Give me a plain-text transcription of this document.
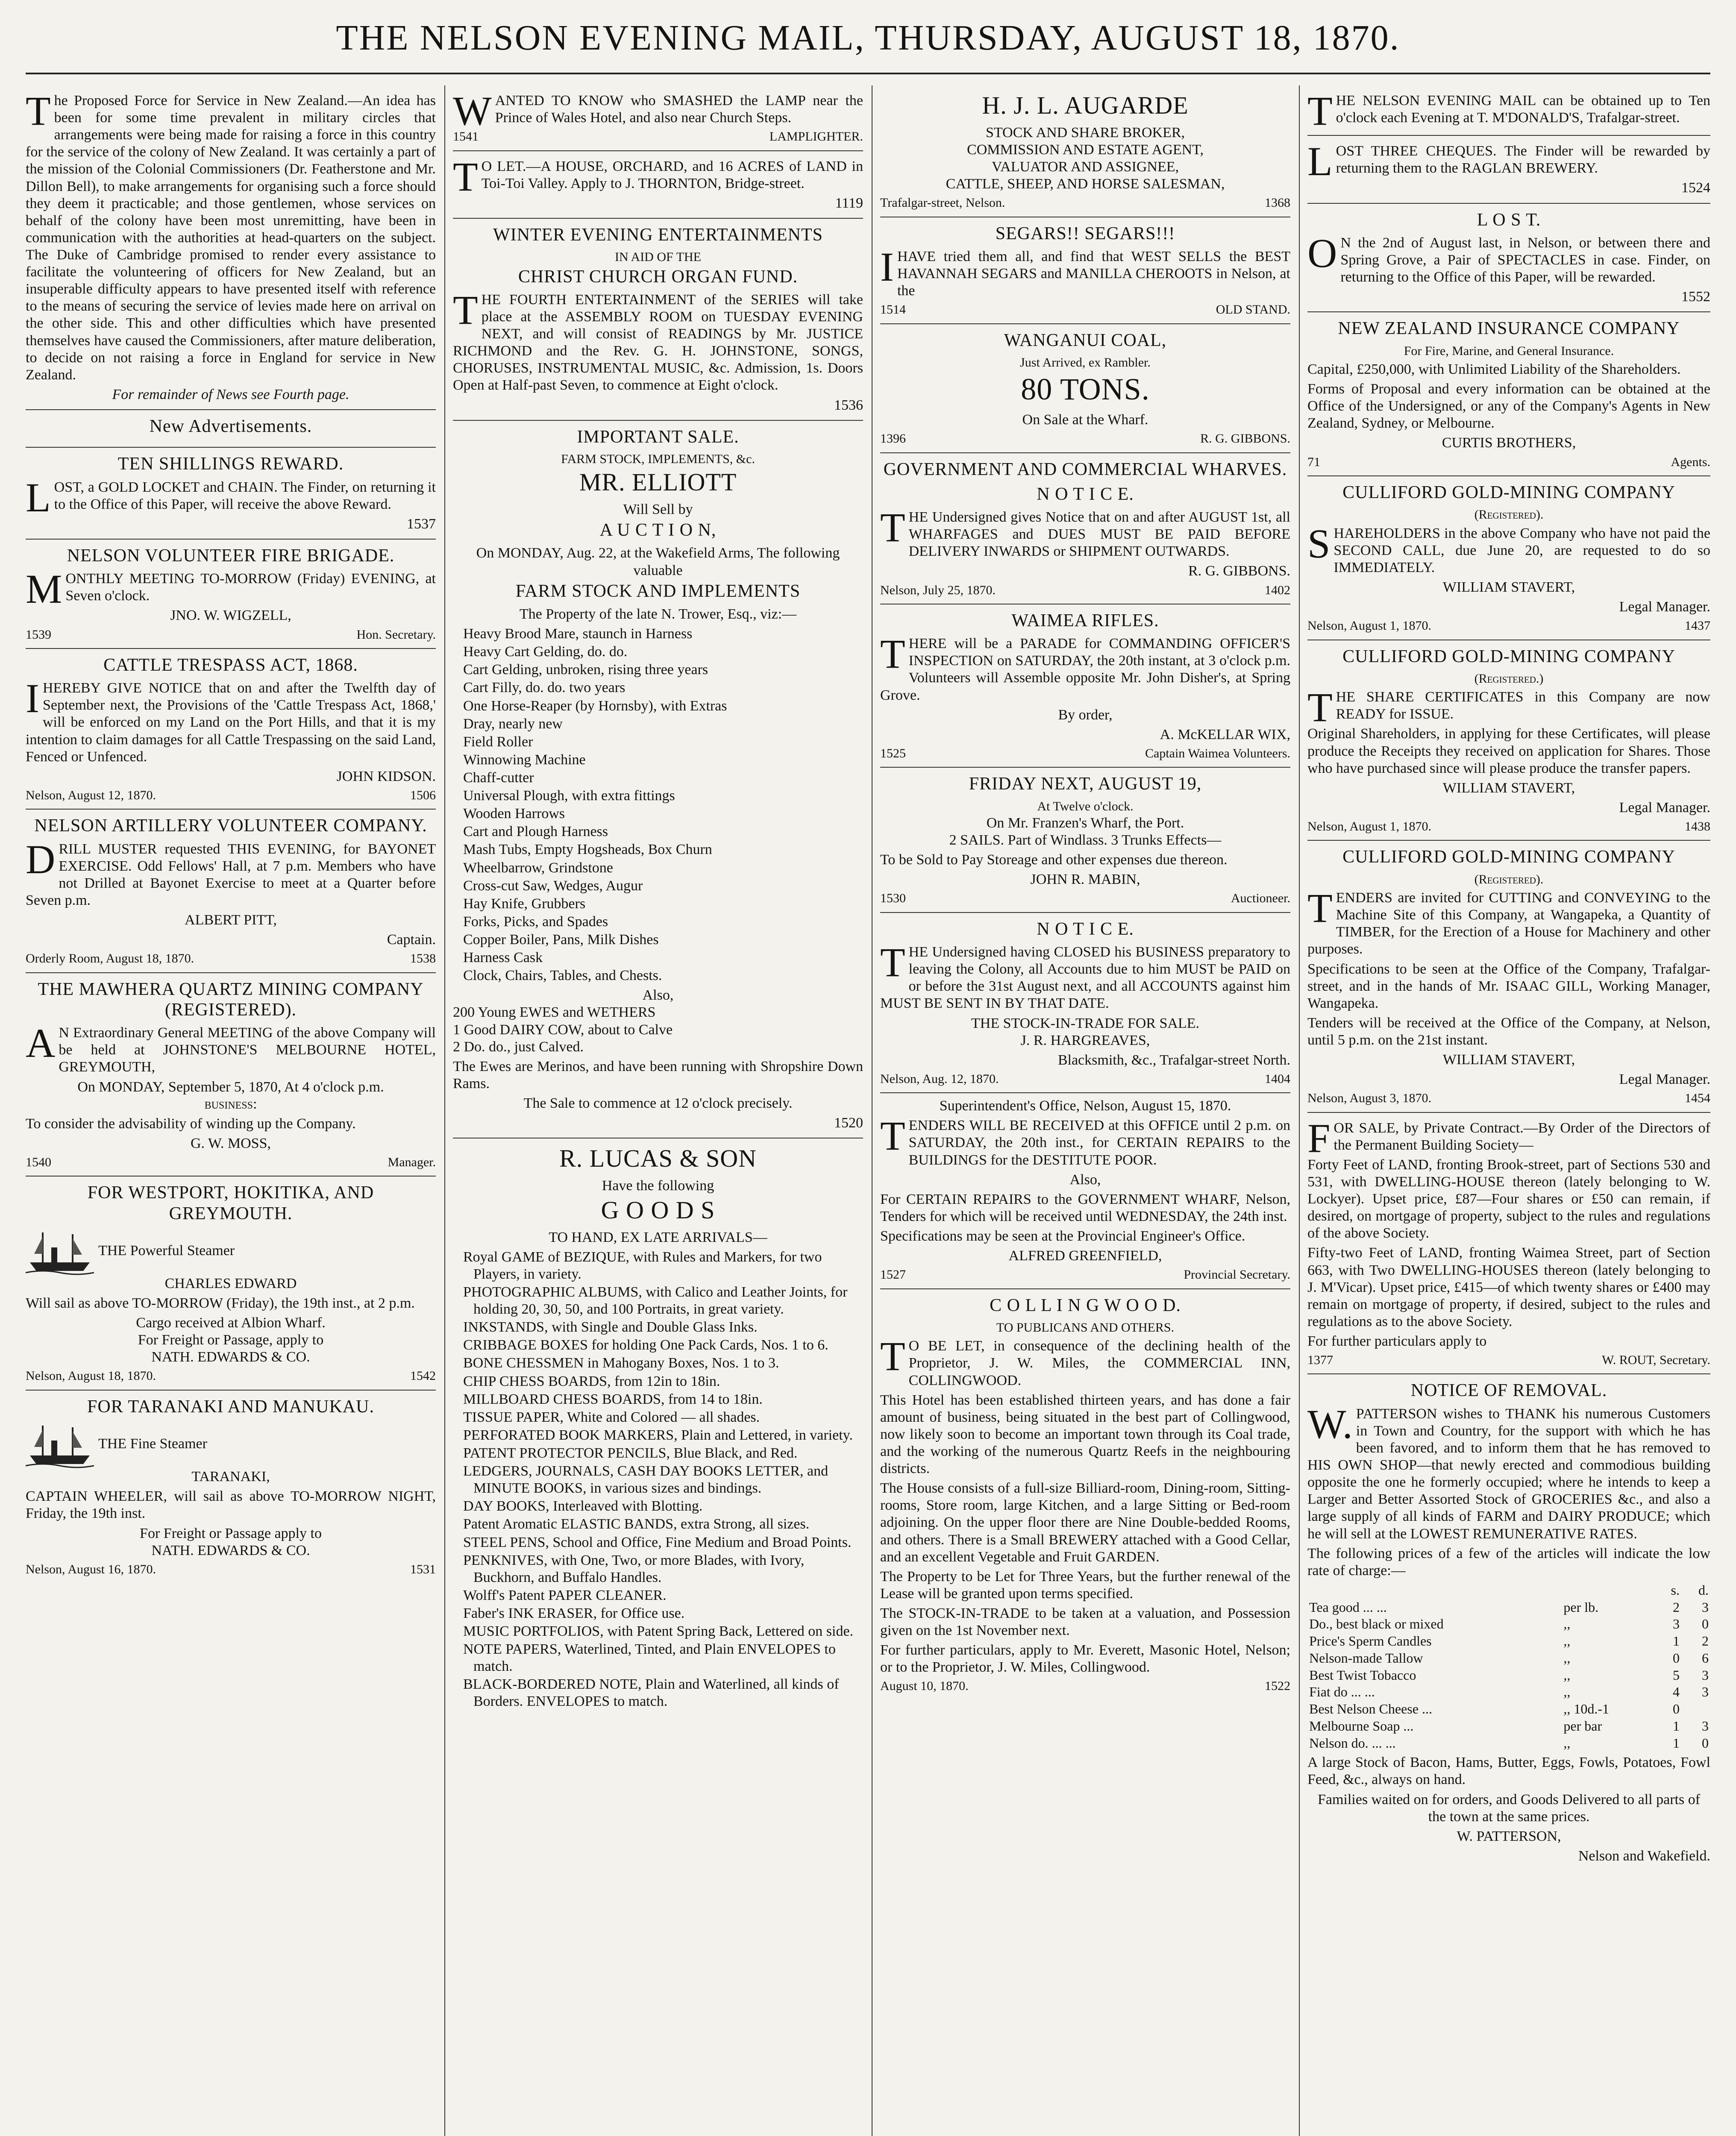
THE NELSON EVENING MAIL, THURSDAY, AUGUST 18, 1870.

The Proposed Force for Service in New Zealand.—An idea has been for some time prevalent in military circles that arrangements were being made for raising a force in this country for the service of the colony of New Zealand. It was certainly a part of the mission of the Colonial Commissioners (Dr. Featherstone and Mr. Dillon Bell), to make arrangements for organising such a force should they deem it practicable; and those gentlemen, whose services on behalf of the colony have been most unremitting, have been in communication with the authorities at head-quarters on the subject. The Duke of Cambridge promised to render every assistance to facilitate the volunteering of officers for New Zealand, but an insuperable difficulty appears to have presented itself with reference to the means of securing the service of levies made here on arrival on the other side. This and other difficulties which have presented themselves have caused the Commissioners, after mature deliberation, to decide on not raising a force in England for service in New Zealand.

For remainder of News see Fourth page.
New Advertisements.
TEN SHILLINGS REWARD.

LOST, a GOLD LOCKET and CHAIN. The Finder, on returning it to the Office of this Paper, will receive the above Reward.

1537
NELSON VOLUNTEER FIRE BRIGADE.

MONTHLY MEETING TO-MORROW (Friday) EVENING, at Seven o'clock.

JNO. W. WIGZELL,
1539	Hon. Secretary.
CATTLE TRESPASS ACT, 1868.

IHEREBY GIVE NOTICE that on and after the Twelfth day of September next, the Provisions of the 'Cattle Trespass Act, 1868,' will be enforced on my Land on the Port Hills, and that it is my intention to claim damages for all Cattle Trespassing on the said Land, Fenced or Unfenced.

JOHN KIDSON.
Nelson, August 12, 1870.	1506
NELSON ARTILLERY VOLUNTEER COMPANY.

DRILL MUSTER requested THIS EVENING, for BAYONET EXERCISE. Odd Fellows' Hall, at 7 p.m. Members who have not Drilled at Bayonet Exercise to meet at a Quarter before Seven p.m.

ALBERT PITT,
Captain.
Orderly Room, August 18, 1870.	1538
THE MAWHERA QUARTZ MINING COMPANY (REGISTERED).

AN Extraordinary General MEETING of the above Company will be held at JOHNSTONE'S MELBOURNE HOTEL, GREYMOUTH,

On MONDAY, September 5, 1870, At 4 o'clock p.m.
business:

To consider the advisability of winding up the Company.

G. W. MOSS,
1540	Manager.
FOR WESTPORT, HOKITIKA, AND GREYMOUTH.
THE Powerful Steamer
CHARLES EDWARD

Will sail as above TO-MORROW (Friday), the 19th inst., at 2 p.m.

Cargo received at Albion Wharf.
For Freight or Passage, apply to
NATH. EDWARDS & CO.
Nelson, August 18, 1870.	1542
FOR TARANAKI AND MANUKAU.
THE Fine Steamer
TARANAKI,

CAPTAIN WHEELER, will sail as above TO-MORROW NIGHT, Friday, the 19th inst.

For Freight or Passage apply to
NATH. EDWARDS & CO.
Nelson, August 16, 1870.	1531

WANTED TO KNOW who SMASHED the LAMP near the Prince of Wales Hotel, and also near Church Steps.

1541	LAMPLIGHTER.

TO LET.—A HOUSE, ORCHARD, and 16 ACRES of LAND in Toi-Toi Valley. Apply to J. THORNTON, Bridge-street.

1119
WINTER EVENING ENTERTAINMENTS
IN AID OF THE
CHRIST CHURCH ORGAN FUND.

THE FOURTH ENTERTAINMENT of the SERIES will take place at the ASSEMBLY ROOM on TUESDAY EVENING NEXT, and will consist of READINGS by Mr. JUSTICE RICHMOND and the Rev. G. H. JOHNSTONE, SONGS, CHORUSES, INSTRUMENTAL MUSIC, &c. Admission, 1s. Doors Open at Half-past Seven, to commence at Eight o'clock.

1536
IMPORTANT SALE.
FARM STOCK, IMPLEMENTS, &c.
MR. ELLIOTT
Will Sell by
A U C T I O N,
On MONDAY, Aug. 22, at the Wakefield Arms, The following valuable
FARM STOCK AND IMPLEMENTS
The Property of the late N. Trower, Esq., viz:—
Heavy Brood Mare, staunch in Harness
Heavy Cart Gelding, do. do.
Cart Gelding, unbroken, rising three years
Cart Filly, do. do. two years
One Horse-Reaper (by Hornsby), with Extras
Dray, nearly new
Field Roller
Winnowing Machine
Chaff-cutter
Universal Plough, with extra fittings
Wooden Harrows
Cart and Plough Harness
Mash Tubs, Empty Hogsheads, Box Churn
Wheelbarrow, Grindstone
Cross-cut Saw, Wedges, Augur
Hay Knife, Grubbers
Forks, Picks, and Spades
Copper Boiler, Pans, Milk Dishes
Harness Cask
Clock, Chairs, Tables, and Chests.
Also,
200 Young EWES and WETHERS
1 Good DAIRY COW, about to Calve
2 Do. do., just Calved.

The Ewes are Merinos, and have been running with Shropshire Down Rams.

The Sale to commence at 12 o'clock precisely.
1520
R. LUCAS & SON
Have the following
G O O D S
TO HAND, EX LATE ARRIVALS—
Royal GAME of BEZIQUE, with Rules and Markers, for two Players, in variety.
PHOTOGRAPHIC ALBUMS, with Calico and Leather Joints, for holding 20, 30, 50, and 100 Portraits, in great variety.
INKSTANDS, with Single and Double Glass Inks.
CRIBBAGE BOXES for holding One Pack Cards, Nos. 1 to 6.
BONE CHESSMEN in Mahogany Boxes, Nos. 1 to 3.
CHIP CHESS BOARDS, from 12in to 18in.
MILLBOARD CHESS BOARDS, from 14 to 18in.
TISSUE PAPER, White and Colored — all shades.
PERFORATED BOOK MARKERS, Plain and Lettered, in variety.
PATENT PROTECTOR PENCILS, Blue Black, and Red.
LEDGERS, JOURNALS, CASH DAY BOOKS LETTER, and MINUTE BOOKS, in various sizes and bindings.
DAY BOOKS, Interleaved with Blotting.
Patent Aromatic ELASTIC BANDS, extra Strong, all sizes.
STEEL PENS, School and Office, Fine Medium and Broad Points.
PENKNIVES, with One, Two, or more Blades, with Ivory, Buckhorn, and Buffalo Handles.
Wolff's Patent PAPER CLEANER.
Faber's INK ERASER, for Office use.
MUSIC PORTFOLIOS, with Patent Spring Back, Lettered on side.
NOTE PAPERS, Waterlined, Tinted, and Plain ENVELOPES to match.
BLACK-BORDERED NOTE, Plain and Waterlined, all kinds of Borders. ENVELOPES to match.
H. J. L. AUGARDE
STOCK AND SHARE BROKER,
COMMISSION AND ESTATE AGENT,
VALUATOR AND ASSIGNEE,
CATTLE, SHEEP, AND HORSE SALESMAN,
Trafalgar-street, Nelson.	1368
SEGARS!! SEGARS!!!

IHAVE tried them all, and find that WEST SELLS the BEST HAVANNAH SEGARS and MANILLA CHEROOTS in Nelson, at the

1514	OLD STAND.
WANGANUI COAL,
Just Arrived, ex Rambler.
80 TONS.
On Sale at the Wharf.
1396	R. G. GIBBONS.
GOVERNMENT AND COMMERCIAL WHARVES.
N O T I C E.

THE Undersigned gives Notice that on and after AUGUST 1st, all WHARFAGES and DUES MUST BE PAID BEFORE DELIVERY INWARDS or SHIPMENT OUTWARDS.

R. G. GIBBONS.
Nelson, July 25, 1870.	1402
WAIMEA RIFLES.

THERE will be a PARADE for COMMANDING OFFICER'S INSPECTION on SATURDAY, the 20th instant, at 3 o'clock p.m. Volunteers will Assemble opposite Mr. John Disher's, at Spring Grove.

By order,
A. McKELLAR WIX,
1525	Captain Waimea Volunteers.
FRIDAY NEXT, AUGUST 19,
At Twelve o'clock.
On Mr. Franzen's Wharf, the Port.
2 SAILS. Part of Windlass. 3 Trunks Effects—

To be Sold to Pay Storeage and other expenses due thereon.

JOHN R. MABIN,
1530	Auctioneer.
N O T I C E.

THE Undersigned having CLOSED his BUSINESS preparatory to leaving the Colony, all Accounts due to him MUST be PAID on or before the 31st August next, and all ACCOUNTS against him MUST BE SENT IN BY THAT DATE.

THE STOCK-IN-TRADE FOR SALE.
J. R. HARGREAVES,
Blacksmith, &c., Trafalgar-street North.
Nelson, Aug. 12, 1870.	1404
Superintendent's Office, Nelson, August 15, 1870.

TENDERS WILL BE RECEIVED at this OFFICE until 2 p.m. on SATURDAY, the 20th inst., for CERTAIN REPAIRS to the BUILDINGS for the DESTITUTE POOR.

Also,

For CERTAIN REPAIRS to the GOVERNMENT WHARF, Nelson, Tenders for which will be received until WEDNESDAY, the 24th inst.

Specifications may be seen at the Provincial Engineer's Office.

ALFRED GREENFIELD,
1527	Provincial Secretary.
C O L L I N G W O O D.
TO PUBLICANS AND OTHERS.

TO BE LET, in consequence of the declining health of the Proprietor, J. W. Miles, the COMMERCIAL INN, COLLINGWOOD.

This Hotel has been established thirteen years, and has done a fair amount of business, being situated in the best part of Collingwood, now likely soon to become an important town through its Coal trade, and the working of the numerous Quartz Reefs in the neighbouring districts.

The House consists of a full-size Billiard-room, Dining-room, Sitting-rooms, Store room, large Kitchen, and a large Sitting or Bed-room adjoining. On the upper floor there are Nine Double-bedded Rooms, and others. There is a Small BREWERY attached with a Good Cellar, and an excellent Vegetable and Fruit GARDEN.

The Property to be Let for Three Years, but the further renewal of the Lease will be granted upon terms specified.

The STOCK-IN-TRADE to be taken at a valuation, and Possession given on the 1st November next.

For further particulars, apply to Mr. Everett, Masonic Hotel, Nelson; or to the Proprietor, J. W. Miles, Collingwood.

August 10, 1870.	1522

THE NELSON EVENING MAIL can be obtained up to Ten o'clock each Evening at T. M'DONALD'S, Trafalgar-street.

LOST THREE CHEQUES. The Finder will be rewarded by returning them to the RAGLAN BREWERY.

1524
L O S T.

ON the 2nd of August last, in Nelson, or between there and Spring Grove, a Pair of SPECTACLES in case. Finder, on returning to the Office of this Paper, will be rewarded.

1552
NEW ZEALAND INSURANCE COMPANY
For Fire, Marine, and General Insurance.

Capital, £250,000, with Unlimited Liability of the Shareholders.

Forms of Proposal and every information can be obtained at the Office of the Undersigned, or any of the Company's Agents in New Zealand, Sydney, or Melbourne.

CURTIS BROTHERS,
71	Agents.
CULLIFORD GOLD-MINING COMPANY
(Registered).

SHAREHOLDERS in the above Company who have not paid the SECOND CALL, due June 20, are requested to do so IMMEDIATELY.

WILLIAM STAVERT,
Legal Manager.
Nelson, August 1, 1870.	1437
CULLIFORD GOLD-MINING COMPANY
(Registered.)

THE SHARE CERTIFICATES in this Company are now READY for ISSUE.

Original Shareholders, in applying for these Certificates, will please produce the Receipts they received on application for Shares. Those who have purchased since will please produce the transfer papers.

WILLIAM STAVERT,
Legal Manager.
Nelson, August 1, 1870.	1438
CULLIFORD GOLD-MINING COMPANY
(Registered).

TENDERS are invited for CUTTING and CONVEYING to the Machine Site of this Company, at Wangapeka, a Quantity of TIMBER, for the Erection of a House for Machinery and other purposes.

Specifications to be seen at the Office of the Company, Trafalgar-street, and in the hands of Mr. ISAAC GILL, Working Manager, Wangapeka.

Tenders will be received at the Office of the Company, at Nelson, until 5 p.m. on the 21st instant.

WILLIAM STAVERT,
Legal Manager.
Nelson, August 3, 1870.	1454

FOR SALE, by Private Contract.—By Order of the Directors of the Permanent Building Society—

Forty Feet of LAND, fronting Brook-street, part of Sections 530 and 531, with DWELLING-HOUSE thereon (lately belonging to W. Lockyer). Upset price, £87—Four shares or £50 can remain, if desired, on mortgage of property, subject to the rules and regulations of the above Society.

Fifty-two Feet of LAND, fronting Waimea Street, part of Section 663, with Two DWELLING-HOUSES thereon (lately belonging to J. M'Vicar). Upset price, £415—of which twenty shares or £400 may remain on mortgage of property, if desired, subject to the rules and regulations as to the above Society.

For further particulars apply to
1377	W. ROUT, Secretary.
NOTICE OF REMOVAL.

W.PATTERSON wishes to THANK his numerous Customers in Town and Country, for the support with which he has been favored, and to inform them that he has removed to HIS OWN SHOP—that newly erected and commodious building opposite the one he formerly occupied; where he intends to keep a Larger and Better Assorted Stock of GROCERIES &c., and also a large supply of all kinds of FARM and DAIRY PRODUCE; which he will sell at the LOWEST REMUNERATIVE RATES.

The following prices of a few of the articles will indicate the low rate of charge:—

		s.	d.
Tea good ... ...	per lb.	2	3
Do., best black or mixed	,,	3	0
Price's Sperm Candles	,,	1	2
Nelson-made Tallow	,,	0	6
Best Twist Tobacco	,,	5	3
Fiat do ... ...	,,	4	3
Best Nelson Cheese ...	,, 10d.-1	0	
Melbourne Soap ...	per bar	1	3
Nelson do. ... ...	,,	1	0

A large Stock of Bacon, Hams, Butter, Eggs, Fowls, Potatoes, Fowl Feed, &c., always on hand.

Families waited on for orders, and Goods Delivered to all parts of the town at the same prices.

W. PATTERSON,
Nelson and Wakefield.
